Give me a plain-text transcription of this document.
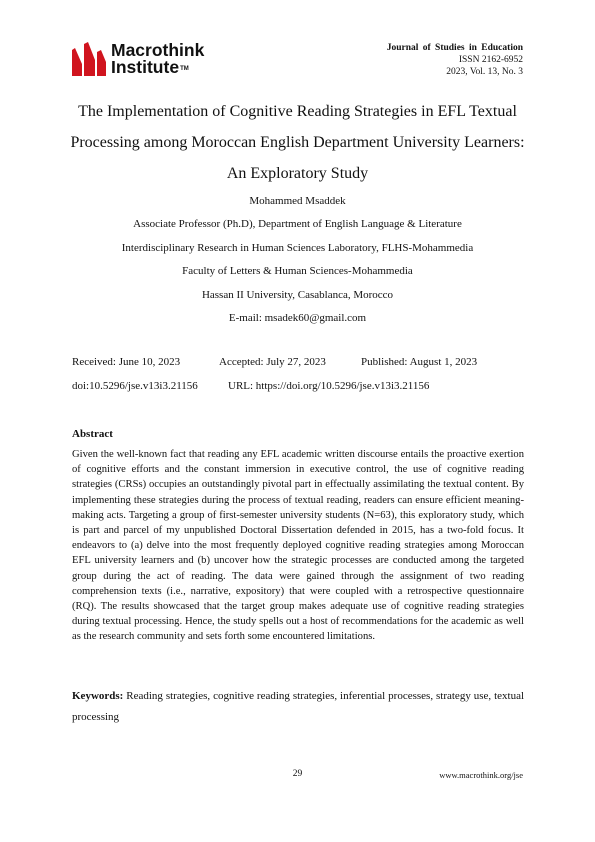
Macrothink
Institute™
Journal of Studies in Education
ISSN 2162-6952
2023, Vol. 13, No. 3
The Implementation of Cognitive Reading Strategies in EFL Textual
Processing among Moroccan English Department University Learners:
An Exploratory Study
Mohammed Msaddek
Associate Professor (Ph.D), Department of English Language & Literature
Interdisciplinary Research in Human Sciences Laboratory, FLHS-Mohammedia
Faculty of Letters & Human Sciences-Mohammedia
Hassan II University, Casablanca, Morocco
E-mail: msadek60@gmail.com
Received: June 10, 2023	Accepted: July 27, 2023	Published: August 1, 2023
doi:10.5296/jse.v13i3.21156	URL: https://doi.org/10.5296/jse.v13i3.21156
Abstract
Given the well-known fact that reading any EFL academic written discourse entails the proactive exertion of cognitive efforts and the constant immersion in executive control, the use of cognitive reading strategies (CRSs) occupies an outstandingly pivotal part in effectually assimilating the textual content. By implementing these strategies during the process of textual reading, readers can ensure efficient meaning-making acts. Targeting a group of first-semester university students (N=63), this exploratory study, which is part and parcel of my unpublished Doctoral Dissertation defended in 2015, has a two-fold focus. It endeavors to (a) delve into the most frequently deployed cognitive reading strategies among Moroccan EFL university learners and (b) uncover how the strategic processes are conducted among the targeted group during the act of reading. The data were gained through the assignment of two reading comprehension texts (i.e., narrative, expository) that were coupled with a retrospective questionnaire (RQ). The results showcased that the target group makes adequate use of cognitive reading strategies during textual processing. Hence, the study spells out a host of recommendations for the academic as well as the research community and sets forth some encountered limitations.
Keywords: Reading strategies, cognitive reading strategies, inferential processes, strategy use, textual processing
29	www.macrothink.org/jse
